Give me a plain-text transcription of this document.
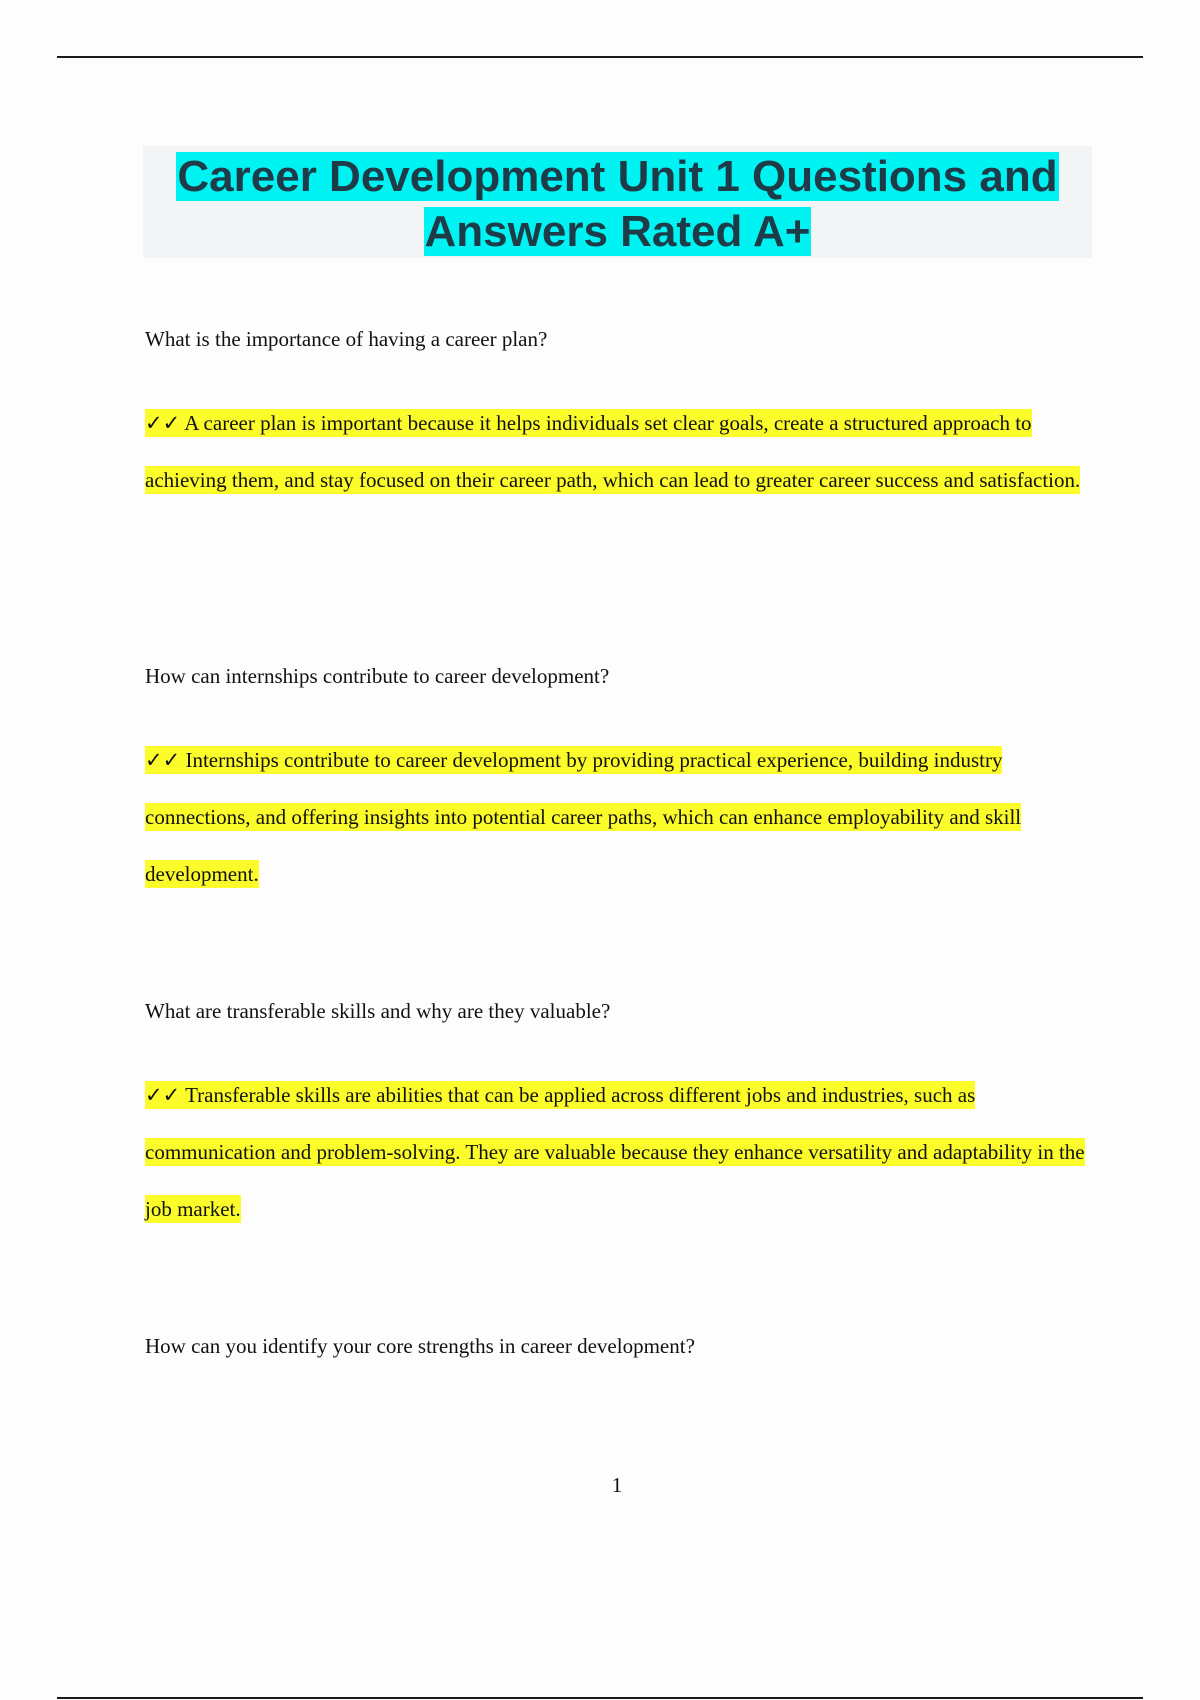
Career Development Unit 1 Questions and Answers Rated A+

What is the importance of having a career plan?

✓✓ A career plan is important because it helps individuals set clear goals, create a structured approach to achieving them, and stay focused on their career path, which can lead to greater career success and satisfaction.

How can internships contribute to career development?

✓✓ Internships contribute to career development by providing practical experience, building industry connections, and offering insights into potential career paths, which can enhance employability and skill development.

What are transferable skills and why are they valuable?

✓✓ Transferable skills are abilities that can be applied across different jobs and industries, such as communication and problem-solving. They are valuable because they enhance versatility and adaptability in the job market.

How can you identify your core strengths in career development?

1
